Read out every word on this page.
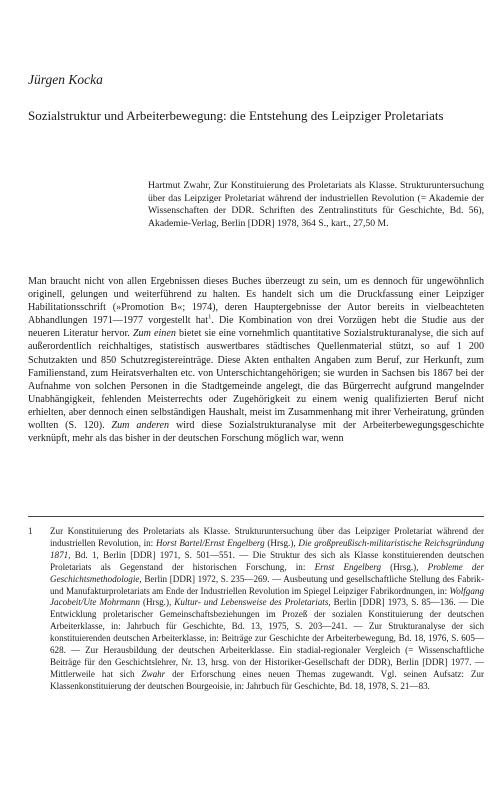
Jürgen Kocka
Sozialstruktur und Arbeiterbewegung: die Entstehung des Leipziger Proletariats
Hartmut Zwahr, Zur Konstituierung des Proletariats als Klasse. Strukturuntersuchung über das Leipziger Proletariat während der industriellen Revolution (= Akademie der Wissenschaften der DDR. Schriften des Zentralinstituts für Geschichte, Bd. 56), Akademie-Verlag, Berlin [DDR] 1978, 364 S., kart., 27,50 M.

Man braucht nicht von allen Ergebnissen dieses Buches überzeugt zu sein, um es dennoch für ungewöhnlich originell, gelungen und weiterführend zu halten. Es handelt sich um die Druckfassung einer Leipziger Habilitationsschrift (»Promotion B«; 1974), deren Hauptergebnisse der Autor bereits in vielbeachteten Abhandlungen 1971—1977 vorgestellt hat$^1$. Die Kombination von drei Vorzügen hebt die Studie aus der neueren Literatur hervor. Zum einen bietet sie eine vornehmlich quantitative Sozialstrukturanalyse, die sich auf außerordentlich reichhaltiges, statistisch auswertbares städtisches Quellenmaterial stützt, so auf 1 200 Schutzakten und 850 Schutzregistereinträge. Diese Akten enthalten Angaben zum Beruf, zur Herkunft, zum Familienstand, zum Heiratsverhalten etc. von Unterschichtangehörigen; sie wurden in Sachsen bis 1867 bei der Aufnahme von solchen Personen in die Stadtgemeinde angelegt, die das Bürgerrecht aufgrund mangelnder Unabhängigkeit, fehlenden Meisterrechts oder Zugehörigkeit zu einem wenig qualifizierten Beruf nicht erhielten, aber dennoch einen selbständigen Haushalt, meist im Zusammenhang mit ihrer Verheiratung, gründen wollten (S. 120). Zum anderen wird diese Sozialstrukturanalyse mit der Arbeiterbewegungsgeschichte verknüpft, mehr als das bisher in der deutschen Forschung möglich war, wenn

1	Zur Konstituierung des Proletariats als Klasse. Strukturuntersuchung über das Leipziger Proletariat während der industriellen Revolution, in: Horst Bartel/Ernst Engelberg (Hrsg.), Die großpreußisch-militaristische Reichsgründung 1871, Bd. 1, Berlin [DDR] 1971, S. 501—551. — Die Struktur des sich als Klasse konstituierenden deutschen Proletariats als Gegenstand der historischen Forschung, in: Ernst Engelberg (Hrsg.), Probleme der Geschichtsmethodologie, Berlin [DDR] 1972, S. 235—269. — Ausbeutung und gesellschaftliche Stellung des Fabrik- und Manufakturproletariats am Ende der Industriellen Revolution im Spiegel Leipziger Fabrikordnungen, in: Wolfgang Jacobeit/Ute Mohrmann (Hrsg.), Kultur- und Lebensweise des Proletariats, Berlin [DDR] 1973, S. 85—136. — Die Entwicklung proletarischer Gemeinschaftsbeziehungen im Prozeß der sozialen Konstituierung der deutschen Arbeiterklasse, in: Jahrbuch für Geschichte, Bd. 13, 1975, S. 203—241. — Zur Strukturanalyse der sich konstituierenden deutschen Arbeiterklasse, in: Beiträge zur Geschichte der Arbeiterbewegung, Bd. 18, 1976, S. 605—628. — Zur Herausbildung der deutschen Arbeiterklasse. Ein stadial-regionaler Vergleich (= Wissenschaftliche Beiträge für den Geschichtslehrer, Nr. 13, hrsg. von der Historiker-Gesellschaft der DDR), Berlin [DDR] 1977. — Mittlerweile hat sich Zwahr der Erforschung eines neuen Themas zugewandt. Vgl. seinen Aufsatz: Zur Klassenkonstituierung der deutschen Bourgeoisie, in: Jahrbuch für Geschichte, Bd. 18, 1978, S. 21—83.
